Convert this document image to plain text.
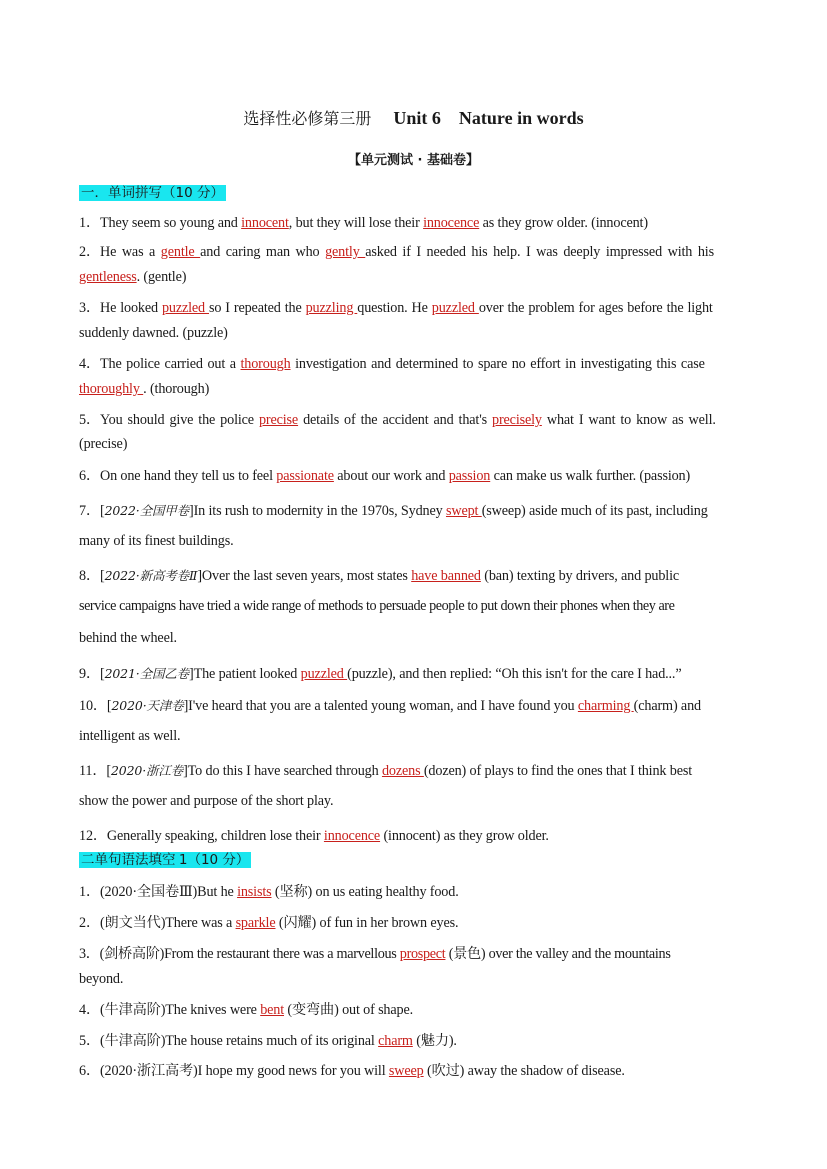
选择性必修第三册 Unit 6    Nature in words
【单元测试 · 基础卷】
一．单词拼写（10 分）
1．They seem so young and innocent, but they will lose their innocence as they grow older. (innocent)
2．He was a gentle and caring man who gently asked if I needed his help. I was deeply impressed with his
gentleness. (gentle)
3．He looked puzzled so I repeated the puzzling question. He puzzled over the problem for ages before the light
suddenly dawned. (puzzle)
4．The police carried out a thorough investigation and determined to spare no effort in investigating this case
thoroughly . (thorough)
5．You should give the police precise details of the accident and that's precisely what I want to know as well.
(precise)
6．On one hand they tell us to feel passionate about our work and passion can make us walk further. (passion)
7．[2022·全国甲卷]In its rush to modernity in the 1970s, Sydney swept (sweep) aside much of its past, including
many of its finest buildings.
8．[2022·新高考卷Ⅱ]Over the last seven years, most states have banned (ban) texting by drivers, and public
service campaigns have tried a wide range of methods to persuade people to put down their phones when they are
behind the wheel.
9．[2021·全国乙卷]The patient looked puzzled (puzzle), and then replied: “Oh this isn't for the care I had...”
10．[2020·天津卷]I've heard that you are a talented young woman, and I have found you charming (charm) and
intelligent as well.
11．[2020·浙江卷]To do this I have searched through dozens (dozen) of plays to find the ones that I think best
show the power and purpose of the short play.
12．Generally speaking, children lose their innocence (innocent) as they grow older.
二单句语法填空 1（10 分）
1．(2020·全国卷Ⅲ)But he insists (坚称) on us eating healthy food.
2．(朗文当代)There was a sparkle (闪耀) of fun in her brown eyes.
3．(剑桥高阶)From the restaurant there was a marvellous prospect (景色) over the valley and the mountains
beyond.
4．(牛津高阶)The knives were bent (变弯曲) out of shape.
5．(牛津高阶)The house retains much of its original charm (魅力).
6．(2020·浙江高考)I hope my good news for you will sweep (吹过) away the shadow of disease.
